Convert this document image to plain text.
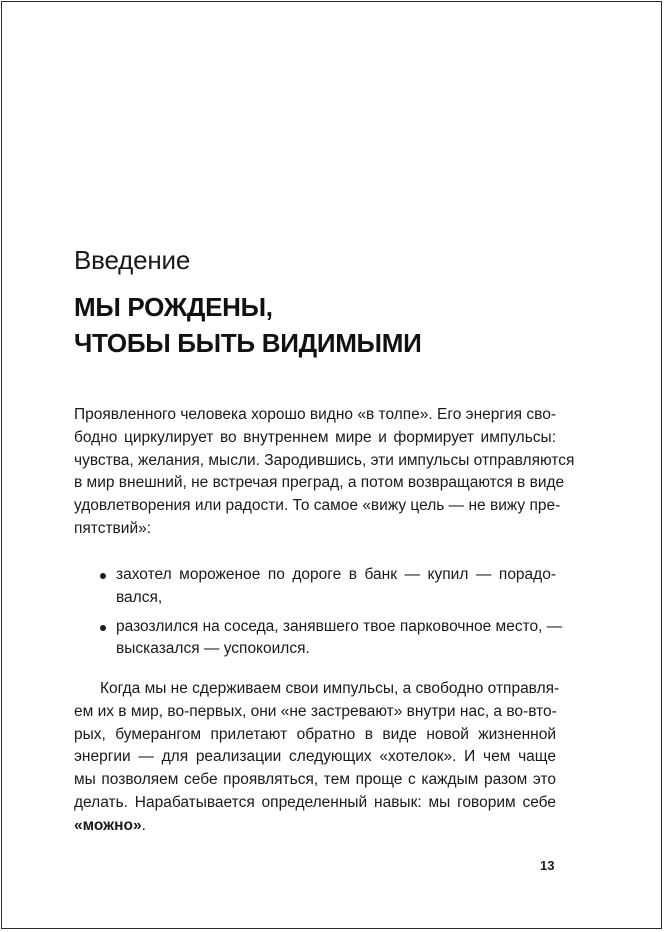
Введение
МЫ РОЖДЕНЫ,
ЧТОБЫ БЫТЬ ВИДИМЫМИ
Проявленного человека хорошо видно «в толпе». Его энергия сво-
бодно циркулирует во внутреннем мире и формирует импульсы:
чувства, желания, мысли. Зародившись, эти импульсы отправляются
в мир внешний, не встречая преград, а потом возвращаются в виде
удовлетворения или радости. То самое «вижу цель — не вижу пре-
пятствий»:
захотел мороженое по дороге в банк — купил — порадо-
вался,
разозлился на соседа, занявшего твое парковочное место, —
высказался — успокоился.
Когда мы не сдерживаем свои импульсы, а свободно отправля-
ем их в мир, во-первых, они «не застревают» внутри нас, а во-вто-
рых, бумерангом прилетают обратно в виде новой жизненной
энергии — для реализации следующих «хотелок». И чем чаще
мы позволяем себе проявляться, тем проще с каждым разом это
делать. Нарабатывается определенный навык: мы говорим себе
«можно».
13
